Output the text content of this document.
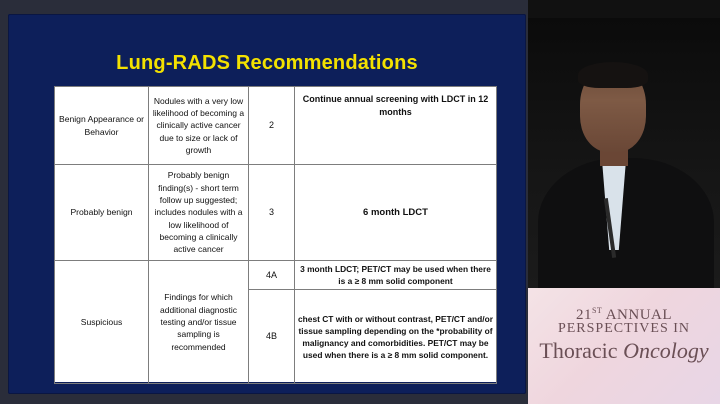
Lung-RADS Recommendations
Benign Appearance or Behavior	Nodules with a very low likelihood of becoming a clinically active cancer due to size or lack of growth	2	Continue annual screening with LDCT in 12 months
Probably benign	Probably benign finding(s) - short term follow up suggested; includes nodules with a low likelihood of becoming a clinically active cancer	3	6 month LDCT
Suspicious	Findings for which additional diagnostic testing and/or tissue sampling is recommended	4A	3 month LDCT; PET/CT may be used when there is a ≥ 8 mm solid component
		4B	chest CT with or without contrast, PET/CT and/or tissue sampling depending on the *probability of malignancy and comorbidities. PET/CT may be used when there is a ≥ 8 mm solid component.
21ST ANNUAL
PERSPECTIVES IN
Thoracic Oncology
